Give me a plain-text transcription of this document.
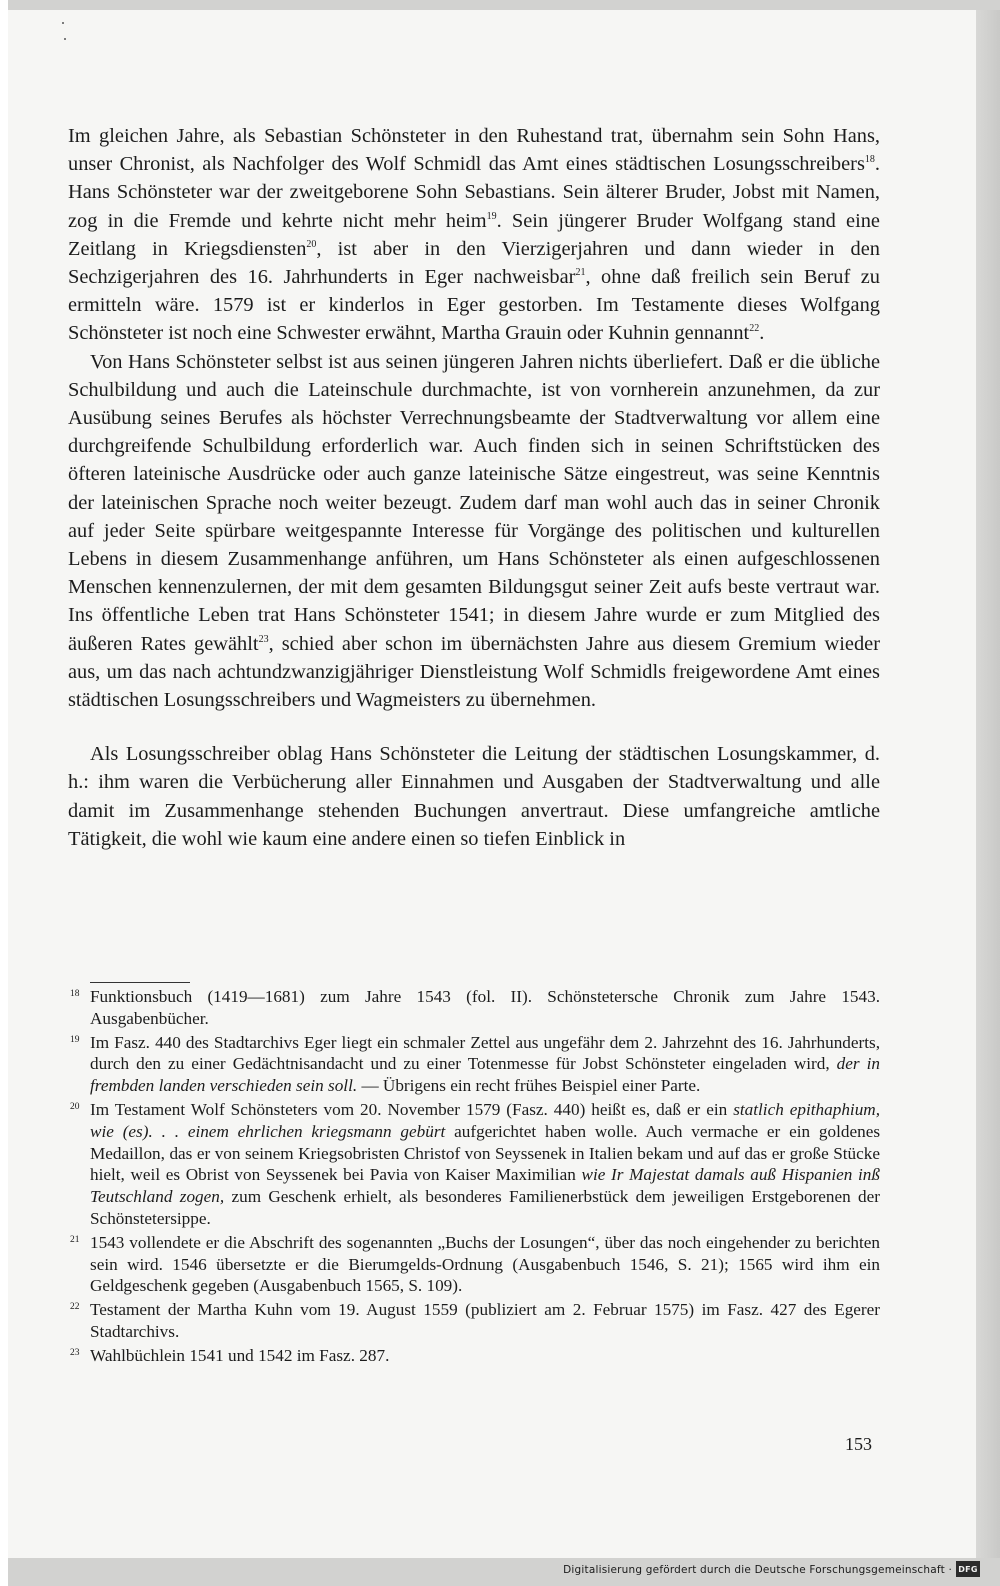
Im gleichen Jahre, als Sebastian Schönsteter in den Ruhestand trat, übernahm sein Sohn Hans, unser Chronist, als Nachfolger des Wolf Schmidl das Amt eines städtischen Losungsschreibers$^{18}$. Hans Schönsteter war der zweitgeborene Sohn Sebastians. Sein älterer Bruder, Jobst mit Namen, zog in die Fremde und kehrte nicht mehr heim$^{19}$. Sein jüngerer Bruder Wolfgang stand eine Zeitlang in Kriegsdiensten$^{20}$, ist aber in den Vierzigerjahren und dann wieder in den Sechzigerjahren des 16. Jahrhunderts in Eger nachweisbar$^{21}$, ohne daß freilich sein Beruf zu ermitteln wäre. 1579 ist er kinderlos in Eger gestorben. Im Testamente dieses Wolfgang Schönsteter ist noch eine Schwester erwähnt, Martha Grauin oder Kuhnin gennannt$^{22}$.

Von Hans Schönsteter selbst ist aus seinen jüngeren Jahren nichts überliefert. Daß er die übliche Schulbildung und auch die Lateinschule durchmachte, ist von vornherein anzunehmen, da zur Ausübung seines Berufes als höchster Verrechnungsbeamte der Stadtverwaltung vor allem eine durchgreifende Schulbildung erforderlich war. Auch finden sich in seinen Schriftstücken des öfteren lateinische Ausdrücke oder auch ganze lateinische Sätze eingestreut, was seine Kenntnis der lateinischen Sprache noch weiter bezeugt. Zudem darf man wohl auch das in seiner Chronik auf jeder Seite spürbare weitgespannte Interesse für Vorgänge des politischen und kulturellen Lebens in diesem Zusammenhange anführen, um Hans Schönsteter als einen aufgeschlossenen Menschen kennenzulernen, der mit dem gesamten Bildungsgut seiner Zeit aufs beste vertraut war. Ins öffentliche Leben trat Hans Schönsteter 1541; in diesem Jahre wurde er zum Mitglied des äußeren Rates gewählt$^{23}$, schied aber schon im übernächsten Jahre aus diesem Gremium wieder aus, um das nach achtundzwanzigjähriger Dienstleistung Wolf Schmidls freigewordene Amt eines städtischen Losungsschreibers und Wagmeisters zu übernehmen.

Als Losungsschreiber oblag Hans Schönsteter die Leitung der städtischen Losungskammer, d. h.: ihm waren die Verbücherung aller Einnahmen und Ausgaben der Stadtverwaltung und alle damit im Zusammenhange stehenden Buchungen anvertraut. Diese umfangreiche amtliche Tätigkeit, die wohl wie kaum eine andere einen so tiefen Einblick in

18 Funktionsbuch (1419—1681) zum Jahre 1543 (fol. II). Schönstetersche Chronik zum Jahre 1543. Ausgabenbücher.
19 Im Fasz. 440 des Stadtarchivs Eger liegt ein schmaler Zettel aus ungefähr dem 2. Jahrzehnt des 16. Jahrhunderts, durch den zu einer Gedächtnisandacht und zu einer Totenmesse für Jobst Schönsteter eingeladen wird, der in frembden landen verschieden sein soll. — Übrigens ein recht frühes Beispiel einer Parte.
20 Im Testament Wolf Schönsteters vom 20. November 1579 (Fasz. 440) heißt es, daß er ein statlich epithaphium, wie (es). . . einem ehrlichen kriegsmann gebürt aufgerichtet haben wolle. Auch vermache er ein goldenes Medaillon, das er von seinem Kriegsobristen Christof von Seyssenek in Italien bekam und auf das er große Stücke hielt, weil es Obrist von Seyssenek bei Pavia von Kaiser Maximilian wie Ir Majestat damals auß Hispanien inß Teutschland zogen, zum Geschenk erhielt, als besonderes Familienerbstück dem jeweiligen Erstgeborenen der Schönstetersippe.
21 1543 vollendete er die Abschrift des sogenannten „Buchs der Losungen“, über das noch eingehender zu berichten sein wird. 1546 übersetzte er die Bierumgelds-Ordnung (Ausgabenbuch 1546, S. 21); 1565 wird ihm ein Geldgeschenk gegeben (Ausgabenbuch 1565, S. 109).
22 Testament der Martha Kuhn vom 19. August 1559 (publiziert am 2. Februar 1575) im Fasz. 427 des Egerer Stadtarchivs.
23 Wahlbüchlein 1541 und 1542 im Fasz. 287.
153
Digitalisierung gefördert durch die Deutsche Forschungsgemeinschaft · DFG
